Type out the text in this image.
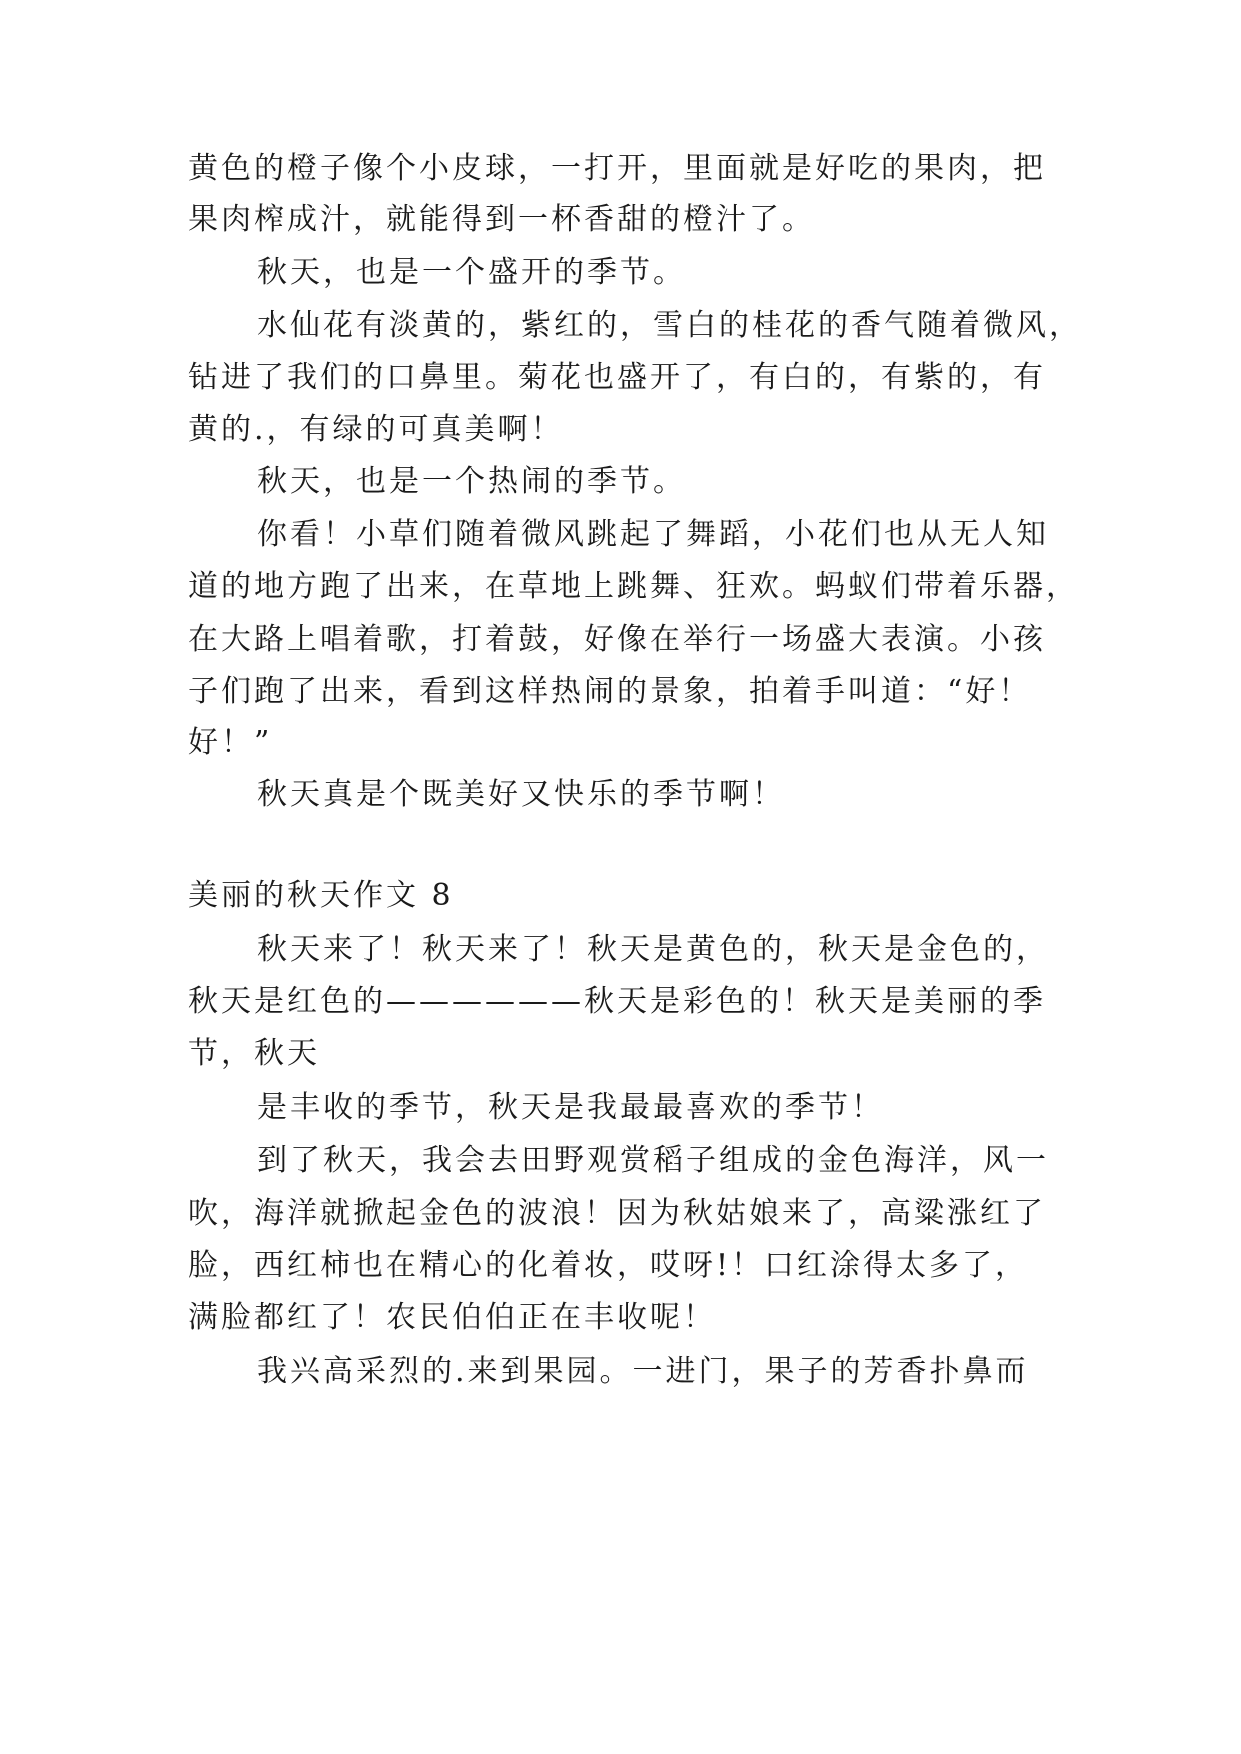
黄色的橙子像个小皮球，一打开，里面就是好吃的果肉，把

果肉榨成汁，就能得到一杯香甜的橙汁了。

秋天，也是一个盛开的季节。

水仙花有淡黄的，紫红的，雪白的桂花的香气随着微风，

钻进了我们的口鼻里。菊花也盛开了，有白的，有紫的，有

黄的.，有绿的可真美啊！

秋天，也是一个热闹的季节。

你看！小草们随着微风跳起了舞蹈，小花们也从无人知

道的地方跑了出来，在草地上跳舞、狂欢。蚂蚁们带着乐器，

在大路上唱着歌，打着鼓，好像在举行一场盛大表演。小孩

子们跑了出来，看到这样热闹的景象，拍着手叫道：“好！

好！”

秋天真是个既美好又快乐的季节啊！

美丽的秋天作文 8

秋天来了！秋天来了！秋天是黄色的，秋天是金色的，

秋天是红色的——————秋天是彩色的！秋天是美丽的季

节，秋天

是丰收的季节，秋天是我最最喜欢的季节！

到了秋天，我会去田野观赏稻子组成的金色海洋，风一

吹，海洋就掀起金色的波浪！因为秋姑娘来了，高粱涨红了

脸，西红柿也在精心的化着妆，哎呀!！口红涂得太多了，

满脸都红了！农民伯伯正在丰收呢！

我兴高采烈的.来到果园。一进门，果子的芳香扑鼻而
